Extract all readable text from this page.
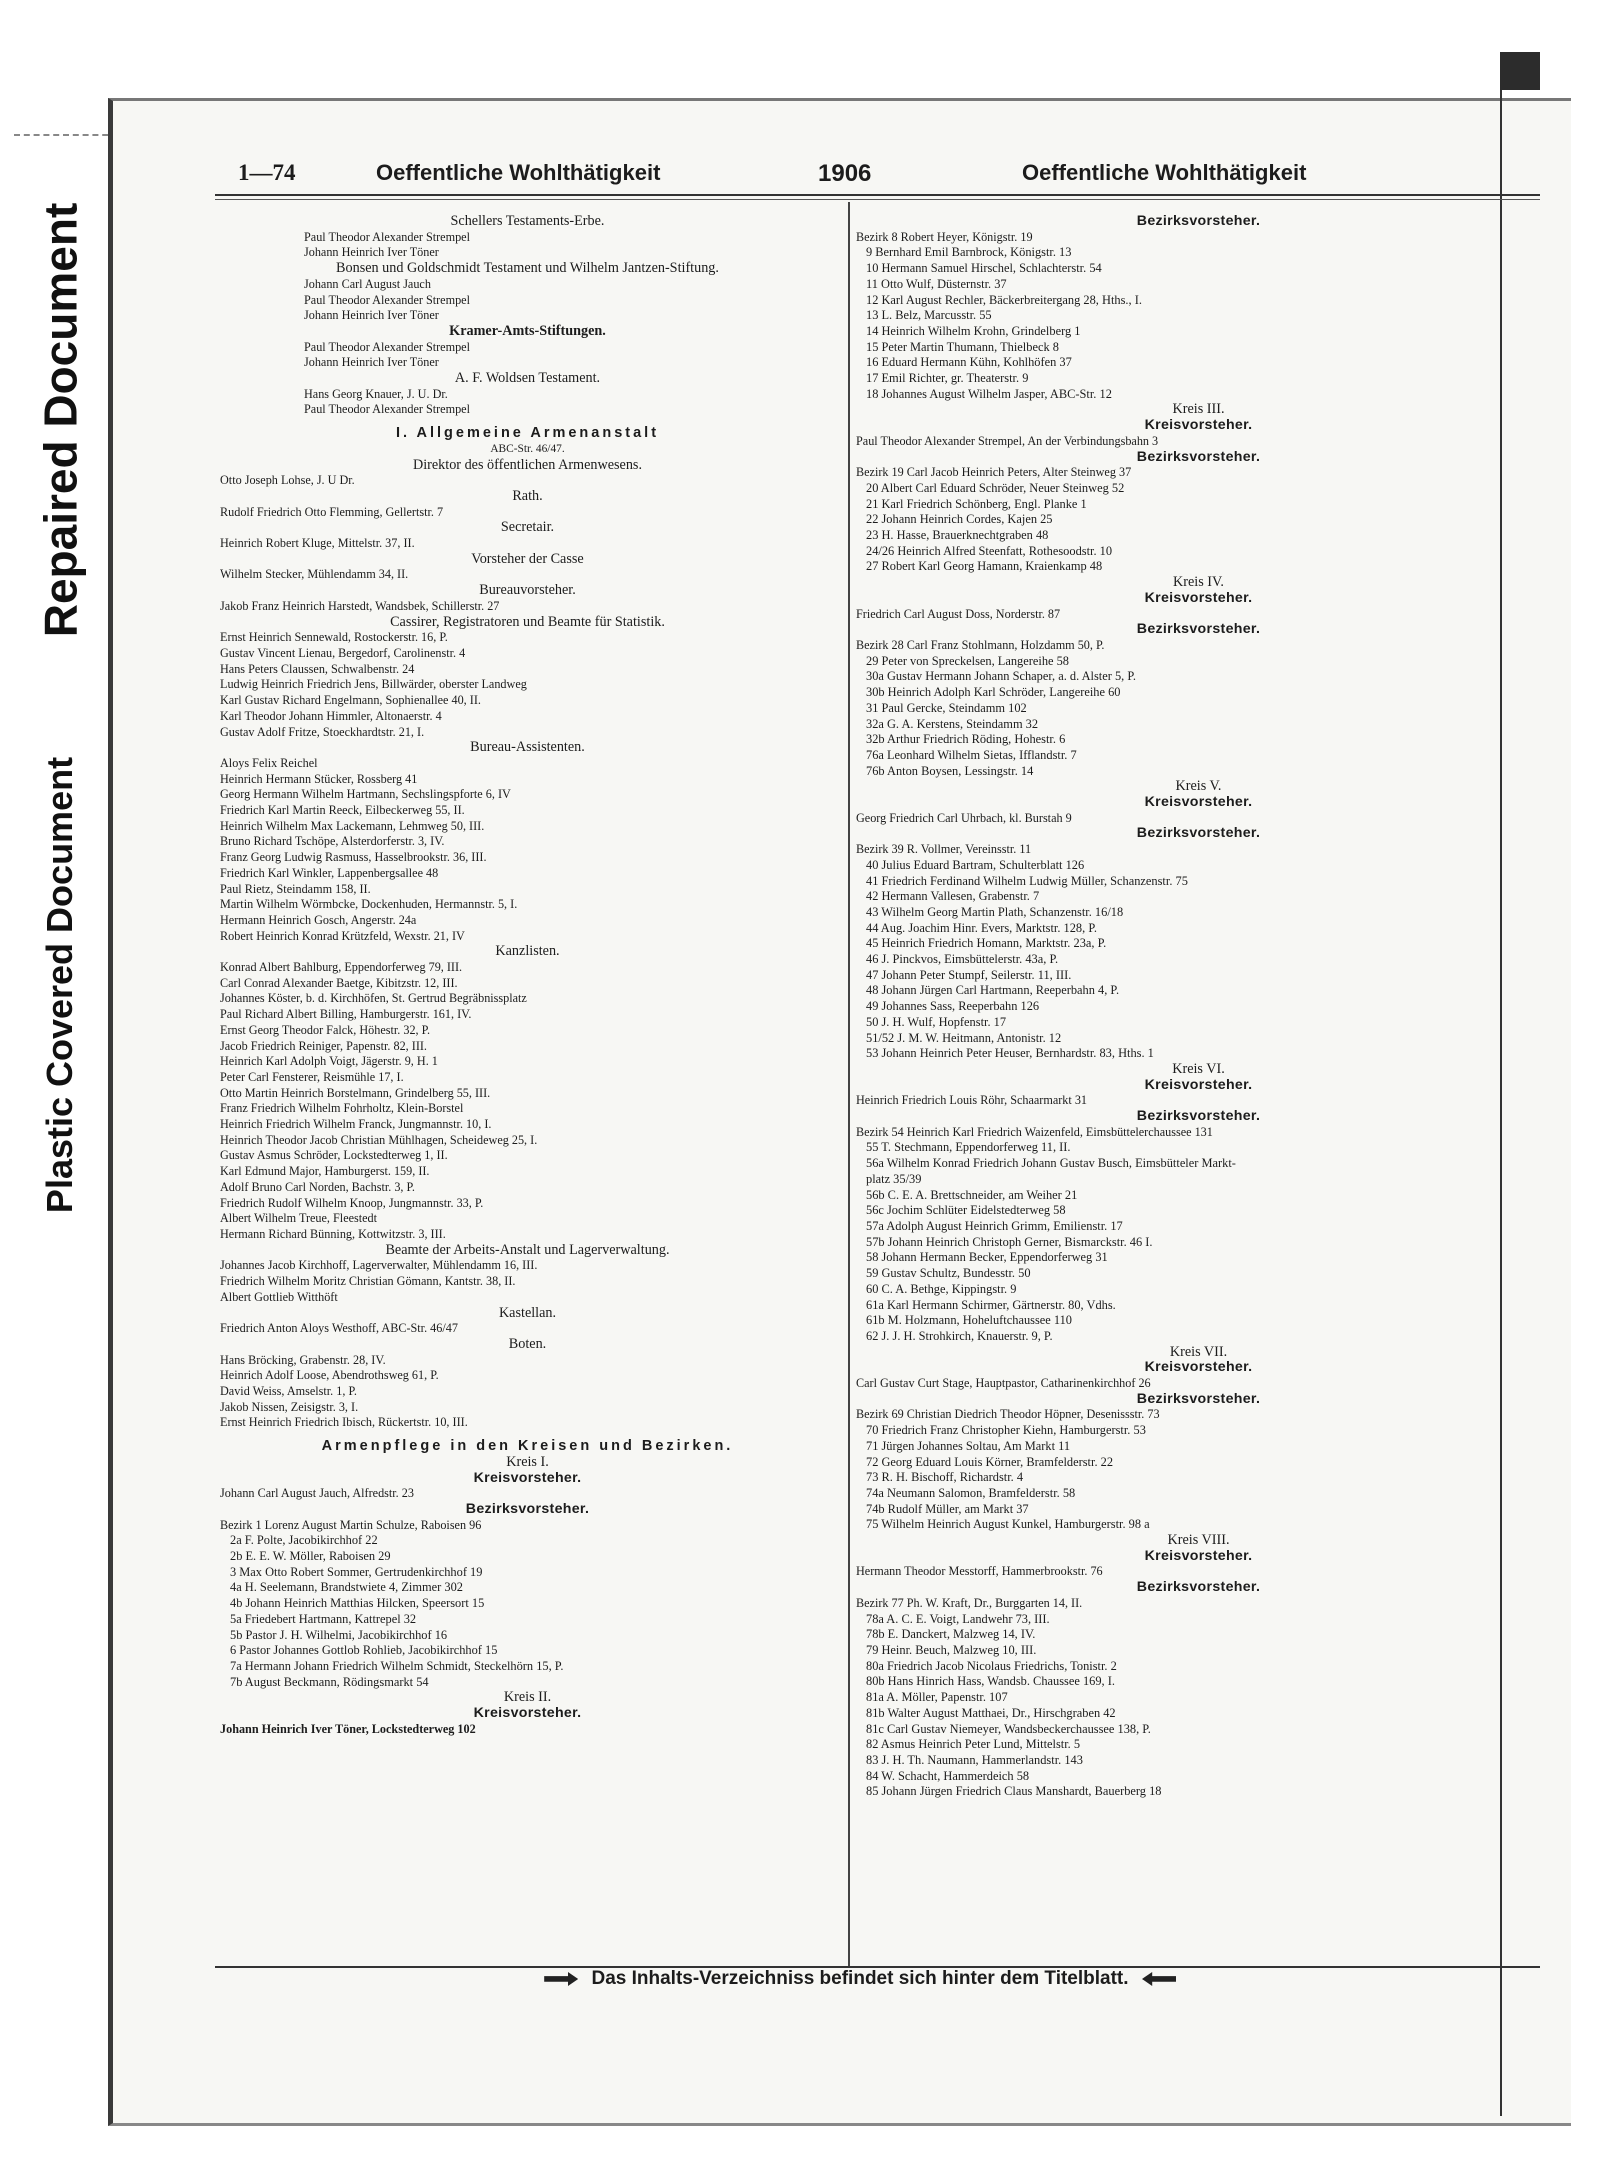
Repaired Document
Plastic Covered Document
1—74	Oeffentliche Wohlthätigkeit	1906	Oeffentliche Wohlthätigkeit
Schellers Testaments-Erbe.
Paul Theodor Alexander Strempel
Johann Heinrich Iver Töner
Bonsen und Goldschmidt Testament und Wilhelm Jantzen-Stiftung.
Johann Carl August Jauch
Paul Theodor Alexander Strempel
Johann Heinrich Iver Töner
Kramer-Amts-Stiftungen.
Paul Theodor Alexander Strempel
Johann Heinrich Iver Töner
A. F. Woldsen Testament.
Hans Georg Knauer, J. U. Dr.
Paul Theodor Alexander Strempel
I. Allgemeine Armenanstalt
ABC-Str. 46/47.
Direktor des öffentlichen Armenwesens.
Otto Joseph Lohse, J. U Dr.
Rath.
Rudolf Friedrich Otto Flemming, Gellertstr. 7
Secretair.
Heinrich Robert Kluge, Mittelstr. 37, II.
Vorsteher der Casse
Wilhelm Stecker, Mühlendamm 34, II.
Bureauvorsteher.
Jakob Franz Heinrich Harstedt, Wandsbek, Schillerstr. 27
Cassirer, Registratoren und Beamte für Statistik.
Ernst Heinrich Sennewald, Rostockerstr. 16, P.
Gustav Vincent Lienau, Bergedorf, Carolinenstr. 4
Hans Peters Claussen, Schwalbenstr. 24
Ludwig Heinrich Friedrich Jens, Billwärder, oberster Landweg
Karl Gustav Richard Engelmann, Sophienallee 40, II.
Karl Theodor Johann Himmler, Altonaerstr. 4
Gustav Adolf Fritze, Stoeckhardtstr. 21, I.
Bureau-Assistenten.
Aloys Felix Reichel
Heinrich Hermann Stücker, Rossberg 41
Georg Hermann Wilhelm Hartmann, Sechslingspforte 6, IV
Friedrich Karl Martin Reeck, Eilbeckerweg 55, II.
Heinrich Wilhelm Max Lackemann, Lehmweg 50, III.
Bruno Richard Tschöpe, Alsterdorferstr. 3, IV.
Franz Georg Ludwig Rasmuss, Hasselbrookstr. 36, III.
Friedrich Karl Winkler, Lappenbergsallee 48
Paul Rietz, Steindamm 158, II.
Martin Wilhelm Wörmbcke, Dockenhuden, Hermannstr. 5, I.
Hermann Heinrich Gosch, Angerstr. 24a
Robert Heinrich Konrad Krützfeld, Wexstr. 21, IV
Kanzlisten.
Konrad Albert Bahlburg, Eppendorferweg 79, III.
Carl Conrad Alexander Baetge, Kibitzstr. 12, III.
Johannes Köster, b. d. Kirchhöfen, St. Gertrud Begräbnissplatz
Paul Richard Albert Billing, Hamburgerstr. 161, IV.
Ernst Georg Theodor Falck, Höhestr. 32, P.
Jacob Friedrich Reiniger, Papenstr. 82, III.
Heinrich Karl Adolph Voigt, Jägerstr. 9, H. 1
Peter Carl Fensterer, Reismühle 17, I.
Otto Martin Heinrich Borstelmann, Grindelberg 55, III.
Franz Friedrich Wilhelm Fohrholtz, Klein-Borstel
Heinrich Friedrich Wilhelm Franck, Jungmannstr. 10, I.
Heinrich Theodor Jacob Christian Mühlhagen, Scheideweg 25, I.
Gustav Asmus Schröder, Lockstedterweg 1, II.
Karl Edmund Major, Hamburgerst. 159, II.
Adolf Bruno Carl Norden, Bachstr. 3, P.
Friedrich Rudolf Wilhelm Knoop, Jungmannstr. 33, P.
Albert Wilhelm Treue, Fleestedt
Hermann Richard Bünning, Kottwitzstr. 3, III.
Beamte der Arbeits-Anstalt und Lagerverwaltung.
Johannes Jacob Kirchhoff, Lagerverwalter, Mühlendamm 16, III.
Friedrich Wilhelm Moritz Christian Gömann, Kantstr. 38, II.
Albert Gottlieb Witthöft
Kastellan.
Friedrich Anton Aloys Westhoff, ABC-Str. 46/47
Boten.
Hans Bröcking, Grabenstr. 28, IV.
Heinrich Adolf Loose, Abendrothsweg 61, P.
David Weiss, Amselstr. 1, P.
Jakob Nissen, Zeisigstr. 3, I.
Ernst Heinrich Friedrich Ibisch, Rückertstr. 10, III.
Armenpflege in den Kreisen und Bezirken.
Kreis I.
Kreisvorsteher.
Johann Carl August Jauch, Alfredstr. 23
Bezirksvorsteher.
Bezirk 1 Lorenz August Martin Schulze, Raboisen 96
2a F. Polte, Jacobikirchhof 22
2b E. E. W. Möller, Raboisen 29
3 Max Otto Robert Sommer, Gertrudenkirchhof 19
4a H. Seelemann, Brandstwiete 4, Zimmer 302
4b Johann Heinrich Matthias Hilcken, Speersort 15
5a Friedebert Hartmann, Kattrepel 32
5b Pastor J. H. Wilhelmi, Jacobikirchhof 16
6 Pastor Johannes Gottlob Rohlieb, Jacobikirchhof 15
7a Hermann Johann Friedrich Wilhelm Schmidt, Steckelhörn 15, P.
7b August Beckmann, Rödingsmarkt 54
Kreis II.
Kreisvorsteher.
Johann Heinrich Iver Töner, Lockstedterweg 102
Bezirksvorsteher.
Bezirk 8 Robert Heyer, Königstr. 19
9 Bernhard Emil Barnbrock, Königstr. 13
10 Hermann Samuel Hirschel, Schlachterstr. 54
11 Otto Wulf, Düsternstr. 37
12 Karl August Rechler, Bäckerbreitergang 28, Hths., I.
13 L. Belz, Marcusstr. 55
14 Heinrich Wilhelm Krohn, Grindelberg 1
15 Peter Martin Thumann, Thielbeck 8
16 Eduard Hermann Kühn, Kohlhöfen 37
17 Emil Richter, gr. Theaterstr. 9
18 Johannes August Wilhelm Jasper, ABC-Str. 12
Kreis III.
Kreisvorsteher.
Paul Theodor Alexander Strempel, An der Verbindungsbahn 3
Bezirksvorsteher.
Bezirk 19 Carl Jacob Heinrich Peters, Alter Steinweg 37
20 Albert Carl Eduard Schröder, Neuer Steinweg 52
21 Karl Friedrich Schönberg, Engl. Planke 1
22 Johann Heinrich Cordes, Kajen 25
23 H. Hasse, Brauerknechtgraben 48
24/26 Heinrich Alfred Steenfatt, Rothesoodstr. 10
27 Robert Karl Georg Hamann, Kraienkamp 48
Kreis IV.
Kreisvorsteher.
Friedrich Carl August Doss, Norderstr. 87
Bezirksvorsteher.
Bezirk 28 Carl Franz Stohlmann, Holzdamm 50, P.
29 Peter von Spreckelsen, Langereihe 58
30a Gustav Hermann Johann Schaper, a. d. Alster 5, P.
30b Heinrich Adolph Karl Schröder, Langereihe 60
31 Paul Gercke, Steindamm 102
32a G. A. Kerstens, Steindamm 32
32b Arthur Friedrich Röding, Hohestr. 6
76a Leonhard Wilhelm Sietas, Ifflandstr. 7
76b Anton Boysen, Lessingstr. 14
Kreis V.
Kreisvorsteher.
Georg Friedrich Carl Uhrbach, kl. Burstah 9
Bezirksvorsteher.
Bezirk 39 R. Vollmer, Vereinsstr. 11
40 Julius Eduard Bartram, Schulterblatt 126
41 Friedrich Ferdinand Wilhelm Ludwig Müller, Schanzenstr. 75
42 Hermann Vallesen, Grabenstr. 7
43 Wilhelm Georg Martin Plath, Schanzenstr. 16/18
44 Aug. Joachim Hinr. Evers, Marktstr. 128, P.
45 Heinrich Friedrich Homann, Marktstr. 23a, P.
46 J. Pinckvos, Eimsbüttelerstr. 43a, P.
47 Johann Peter Stumpf, Seilerstr. 11, III.
48 Johann Jürgen Carl Hartmann, Reeperbahn 4, P.
49 Johannes Sass, Reeperbahn 126
50 J. H. Wulf, Hopfenstr. 17
51/52 J. M. W. Heitmann, Antonistr. 12
53 Johann Heinrich Peter Heuser, Bernhardstr. 83, Hths. 1
Kreis VI.
Kreisvorsteher.
Heinrich Friedrich Louis Röhr, Schaarmarkt 31
Bezirksvorsteher.
Bezirk 54 Heinrich Karl Friedrich Waizenfeld, Eimsbüttelerchaussee 131
55 T. Stechmann, Eppendorferweg 11, II.
56a Wilhelm Konrad Friedrich Johann Gustav Busch, Eimsbütteler Markt-
platz 35/39
56b C. E. A. Brettschneider, am Weiher 21
56c Jochim Schlüter Eidelstedterweg 58
57a Adolph August Heinrich Grimm, Emilienstr. 17
57b Johann Heinrich Christoph Gerner, Bismarckstr. 46 I.
58 Johann Hermann Becker, Eppendorferweg 31
59 Gustav Schultz, Bundesstr. 50
60 C. A. Bethge, Kippingstr. 9
61a Karl Hermann Schirmer, Gärtnerstr. 80, Vdhs.
61b M. Holzmann, Hoheluftchaussee 110
62 J. J. H. Strohkirch, Knauerstr. 9, P.
Kreis VII.
Kreisvorsteher.
Carl Gustav Curt Stage, Hauptpastor, Catharinenkirchhof 26
Bezirksvorsteher.
Bezirk 69 Christian Diedrich Theodor Höpner, Desenissstr. 73
70 Friedrich Franz Christopher Kiehn, Hamburgerstr. 53
71 Jürgen Johannes Soltau, Am Markt 11
72 Georg Eduard Louis Körner, Bramfelderstr. 22
73 R. H. Bischoff, Richardstr. 4
74a Neumann Salomon, Bramfelderstr. 58
74b Rudolf Müller, am Markt 37
75 Wilhelm Heinrich August Kunkel, Hamburgerstr. 98 a
Kreis VIII.
Kreisvorsteher.
Hermann Theodor Messtorff, Hammerbrookstr. 76
Bezirksvorsteher.
Bezirk 77 Ph. W. Kraft, Dr., Burggarten 14, II.
78a A. C. E. Voigt, Landwehr 73, III.
78b E. Danckert, Malzweg 14, IV.
79 Heinr. Beuch, Malzweg 10, III.
80a Friedrich Jacob Nicolaus Friedrichs, Tonistr. 2
80b Hans Hinrich Hass, Wandsb. Chaussee 169, I.
81a A. Möller, Papenstr. 107
81b Walter August Matthaei, Dr., Hirschgraben 42
81c Carl Gustav Niemeyer, Wandsbeckerchaussee 138, P.
82 Asmus Heinrich Peter Lund, Mittelstr. 5
83 J. H. Th. Naumann, Hammerlandstr. 143
84 W. Schacht, Hammerdeich 58
85 Johann Jürgen Friedrich Claus Manshardt, Bauerberg 18
Das Inhalts-Verzeichniss befindet sich hinter dem Titelblatt.
